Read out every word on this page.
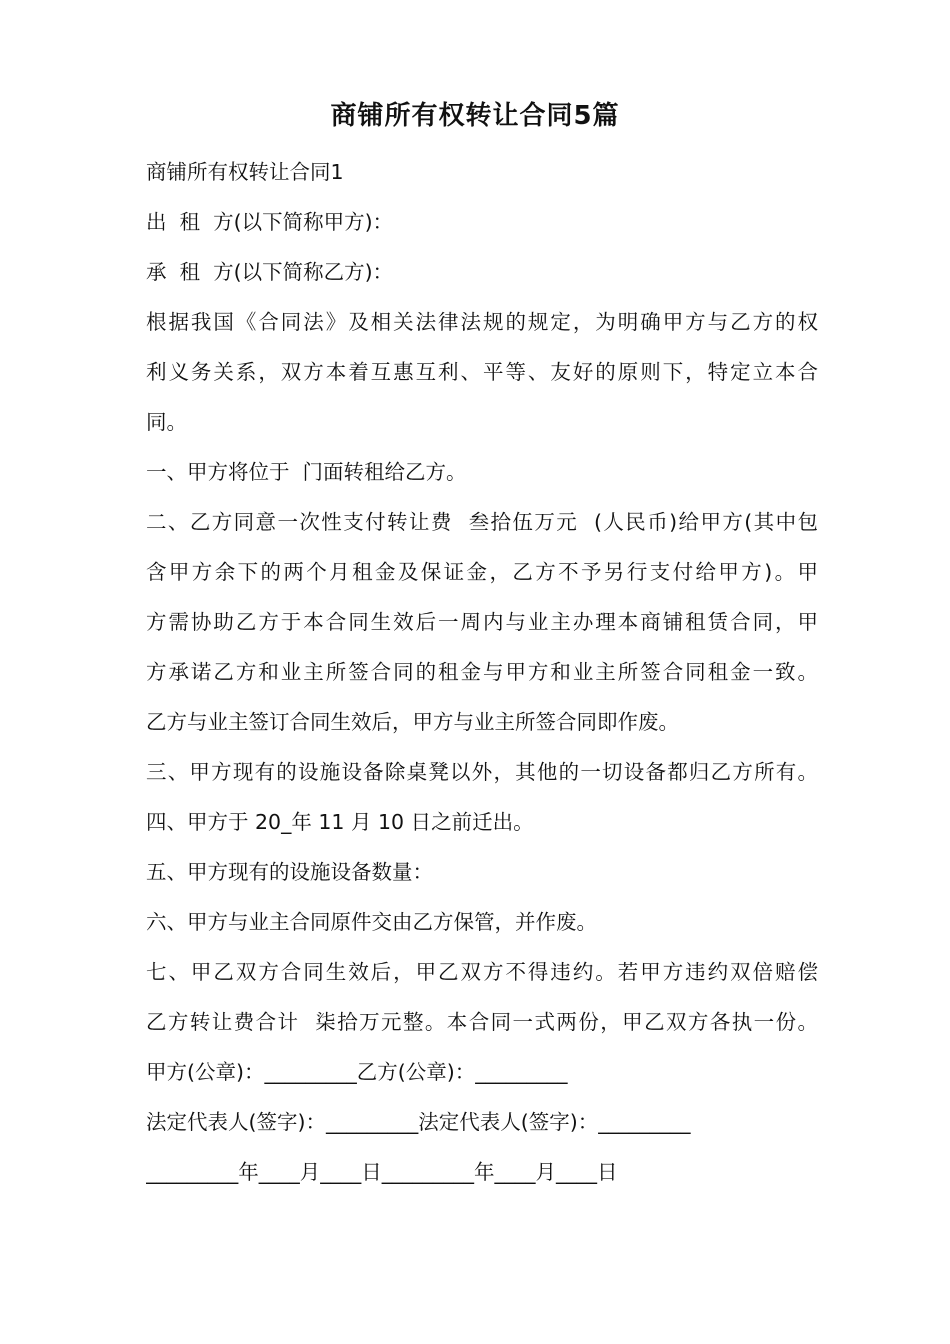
商铺所有权转让合同5篇

商铺所有权转让合同1

出  租  方(以下简称甲方)：

承  租  方(以下简称乙方)：

根据我国《合同法》及相关法律法规的规定，为明确甲方与乙方的权

利义务关系，双方本着互惠互利、平等、友好的原则下，特定立本合

同。

一、甲方将位于  门面转租给乙方。

二、乙方同意一次性支付转让费  叁拾伍万元  (人民币)给甲方(其中包

含甲方余下的两个月租金及保证金，乙方不予另行支付给甲方)。甲

方需协助乙方于本合同生效后一周内与业主办理本商铺租赁合同，甲

方承诺乙方和业主所签合同的租金与甲方和业主所签合同租金一致。

乙方与业主签订合同生效后，甲方与业主所签合同即作废。

三、甲方现有的设施设备除桌凳以外，其他的一切设备都归乙方所有。

四、甲方于 20_年 11 月 10 日之前迁出。

五、甲方现有的设施设备数量：

六、甲方与业主合同原件交由乙方保管，并作废。

七、甲乙双方合同生效后，甲乙双方不得违约。若甲方违约双倍赔偿

乙方转让费合计  柒拾万元整。本合同一式两份，甲乙双方各执一份。

甲方(公章)：_________乙方(公章)：_________

法定代表人(签字)：_________法定代表人(签字)：_________

_________年____月____日_________年____月____日
